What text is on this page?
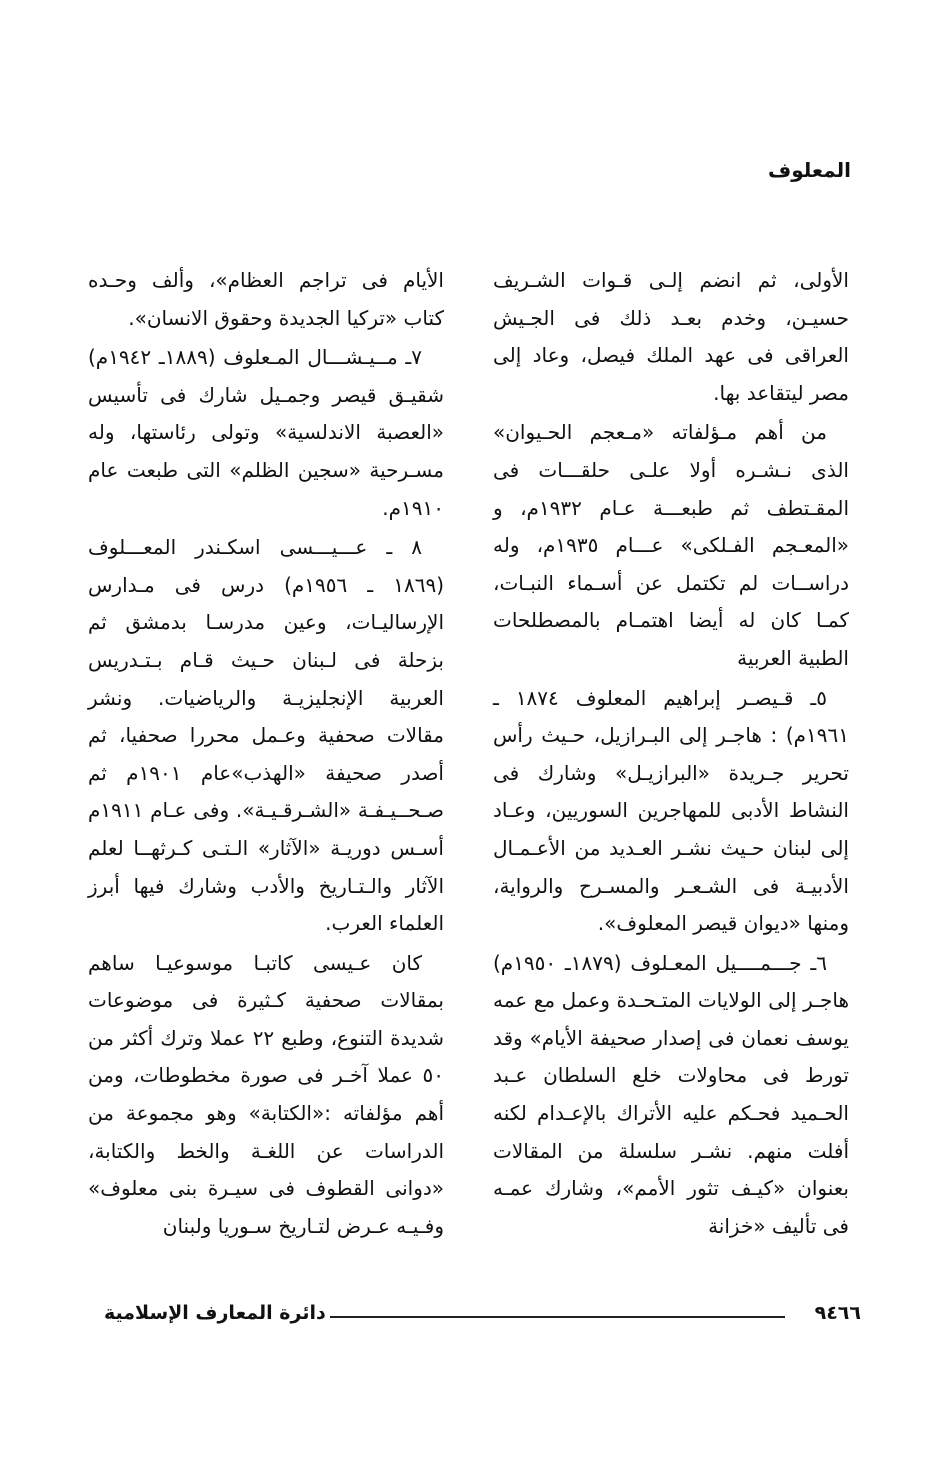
المعلوف

الأولى، ثم انضم إلـى قـوات الشـريف حسيـن، وخدم بعـد ذلك فى الجـيش العراقى فى عهد الملك فيصل، وعاد إلى مصر ليتقاعد بها.

من أهم مـؤلفاته «مـعجم الحـيوان» الذى نـشـره أولا علـى حلقـــات فى المقـتطف ثم طبعـــة عـام ١٩٣٢م، و «المعـجم الفـلكى» عـــام ١٩٣٥م، وله دراســات لم تكتمل عن أسـماء النبـات، كمـا كان له أيضا اهتمـام بالمصطلحات الطبية العربية

٥ـ قـيصـر إبراهيم المعلوف ١٨٧٤ ـ ١٩٦١م) : هاجـر إلى البـرازيل، حـيث رأس تحرير جـريدة «البرازيـل» وشارك فى النشاط الأدبى للمهاجرين السوريين، وعـاد إلى لبنان حـيث نشـر العـديد من الأعـمـال الأدبيـة فى الشـعـر والمسـرح والرواية، ومنها «ديوان قيصر المعلوف».

٦ـ جـــمــــيل المعـلوف (١٨٧٩ـ ١٩٥٠م) هاجـر إلى الولايات المتـحـدة وعمل مع عمه يوسف نعمان فى إصدار صحيفة الأيام» وقد تورط فى محاولات خلع السلطان عـبد الحـميد فحـكم عليه الأتراك بالإعـدام لكنه أفلت منهم. نشـر سلسلة من المقالات بعنوان «كيـف تثور الأمم»، وشارك عمـه فى تأليف «خزانة

الأيام فى تراجم العظام»، وألف وحـده كتاب «تركيا الجديدة وحقوق الانسان».

٧ـ مــيـشـــال المـعلوف (١٨٨٩ـ ١٩٤٢م) شقيـق قيصر وجمـيل شارك فى تأسيس «العصبة الاندلسية» وتولى رئاستها، وله مسـرحية «سجين الظلم» التى طبعت عام ١٩١٠م.

٨ ـ عـــيـــسى اسكـندر المعـــلوف (١٨٦٩ ـ ١٩٥٦م) درس فى مـدارس الإرساليـات، وعين مدرسـا بدمشق ثم بزحلة فى لـبنان حـيث قـام بـتـدريس العربية الإنجليزيـة والرياضيات. ونشر مقالات صحفية وعـمل محررا صحفيا، ثم أصدر صحيفة «الهذب»عام ١٩٠١م ثم صـحــيـفـة «الشـرقـيـة». وفى عـام ١٩١١م أسـس دوريـة «الآثار» الـتـى كـرثهــا لعلم الآثار والـتـاريخ والأدب وشارك فيها أبرز العلماء العرب.

كان عـيسى كاتبـا موسوعيـا ساهم بمقالات صحفية كـثيرة فى موضوعات شديدة التنوع، وطبع ٢٢ عملا وترك أكثر من ٥٠ عملا آخـر فى صورة مخطوطات، ومن أهم مؤلفاته :«الكتابة» وهو مجموعة من الدراسات عن اللغـة والخط والكتابة، «دوانى القطوف فى سيـرة بنى معلوف» وفـيـه عـرض لتـاريخ سـوريا ولبنان

٩٤٦٦
دائرة المعارف الإسلامية
